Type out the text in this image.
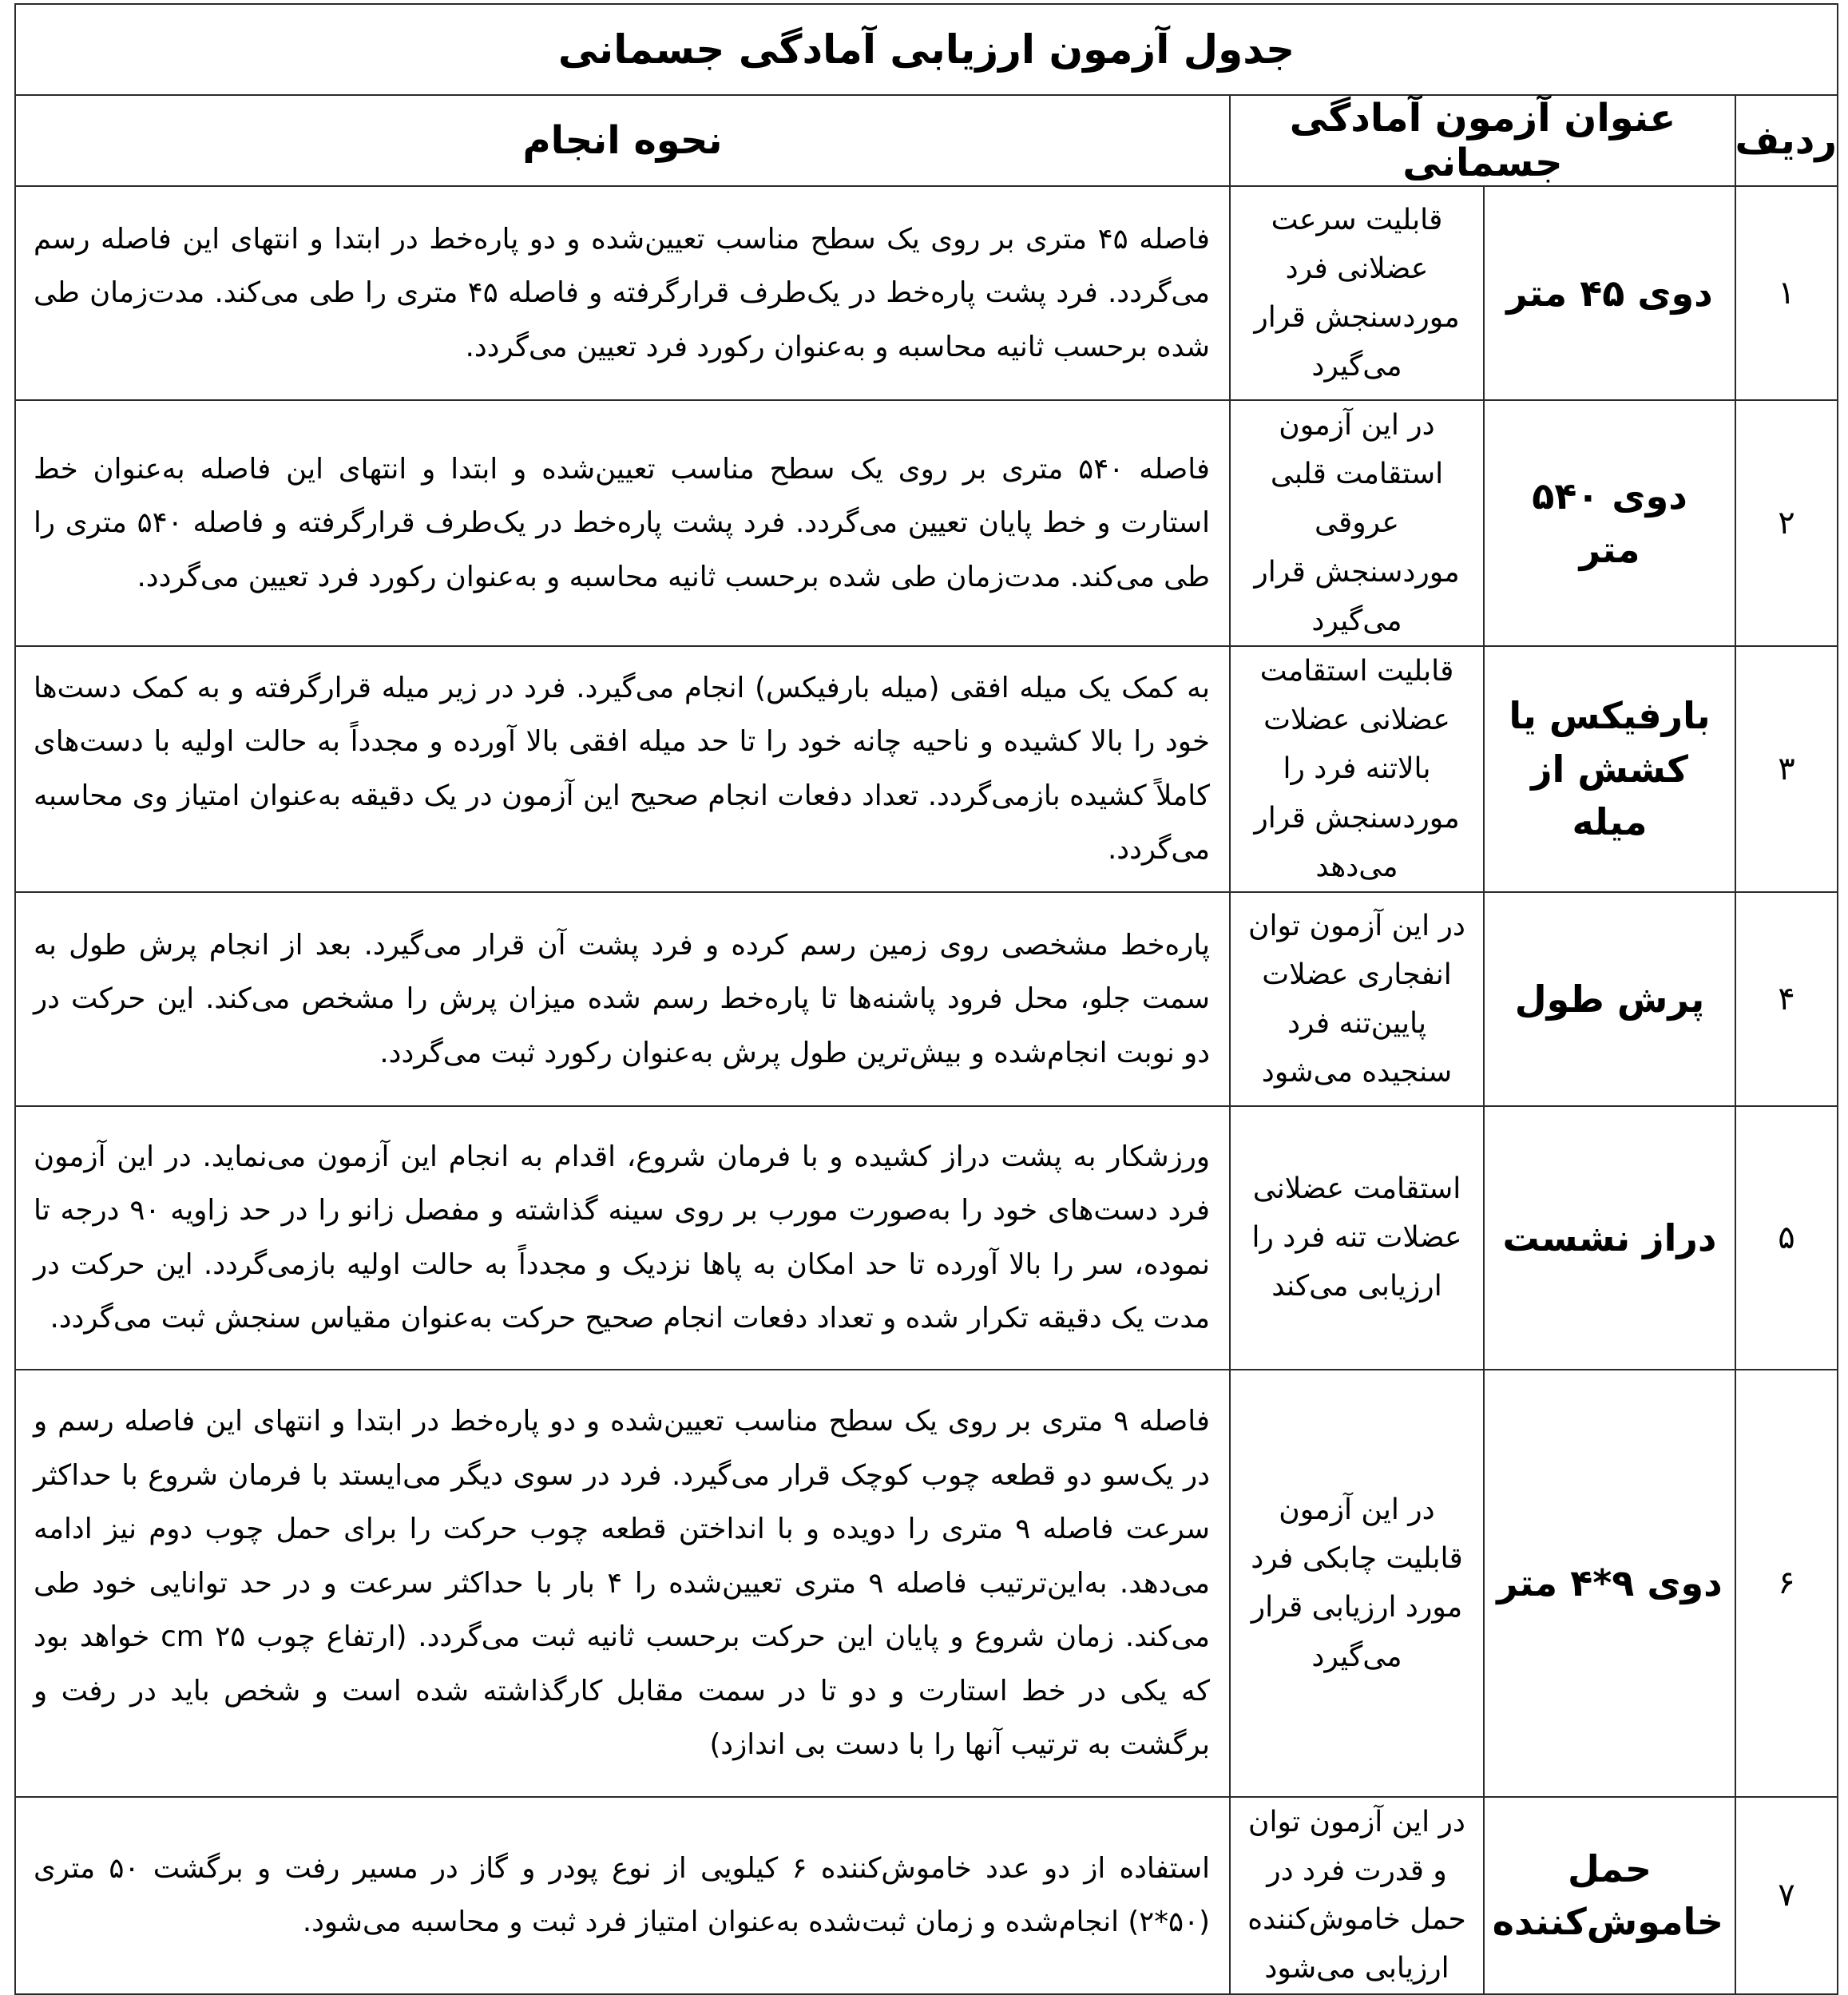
جدول آزمون ارزیابی آمادگی جسمانی			
ردیف	عنوان آزمون آمادگی جسمانی		نحوه انجام
۱	دوی ۴۵ متر	قابلیت سرعت عضلانی فرد موردسنجش قرار می‌گیرد	فاصله ۴۵ متری بر روی یک سطح مناسب تعیین‌شده و دو پاره‌خط در ابتدا و انتهای این فاصله رسم می‌گردد. فرد پشت پاره‌خط در یک‌طرف قرارگرفته و فاصله ۴۵ متری را طی می‌کند. مدت‌زمان طی شده برحسب ثانیه محاسبه و به‌عنوان رکورد فرد تعیین می‌گردد.
۲	دوی ۵۴۰ متر	در این آزمون استقامت قلبی عروقی موردسنجش قرار می‌گیرد	فاصله ۵۴۰ متری بر روی یک سطح مناسب تعیین‌شده و ابتدا و انتهای این فاصله به‌عنوان خط استارت و خط پایان تعیین می‌گردد. فرد پشت پاره‌خط در یک‌طرف قرارگرفته و فاصله ۵۴۰ متری را طی می‌کند. مدت‌زمان طی شده برحسب ثانیه محاسبه و به‌عنوان رکورد فرد تعیین می‌گردد.
۳	بارفیکس یا کشش از میله	قابلیت استقامت عضلانی عضلات بالاتنه فرد را موردسنجش قرار می‌دهد	به کمک یک میله افقی (میله بارفیکس) انجام می‌گیرد. فرد در زیر میله قرارگرفته و به کمک دست‌ها خود را بالا کشیده و ناحیه چانه خود را تا حد میله افقی بالا آورده و مجدداً به حالت اولیه با دست‌های کاملاً کشیده بازمی‌گردد. تعداد دفعات انجام صحیح این آزمون در یک دقیقه به‌عنوان امتیاز وی محاسبه می‌گردد.
۴	پرش طول	در این آزمون توان انفجاری عضلات پایین‌تنه فرد سنجیده می‌شود	پاره‌خط مشخصی روی زمین رسم کرده و فرد پشت آن قرار می‌گیرد. بعد از انجام پرش طول به سمت جلو، محل فرود پاشنه‌ها تا پاره‌خط رسم شده میزان پرش را مشخص می‌کند. این حرکت در دو نوبت انجام‌شده و بیش‌ترین طول پرش به‌عنوان رکورد ثبت می‌گردد.
۵	دراز نشست	استقامت عضلانی عضلات تنه فرد را ارزیابی می‌کند	ورزشکار به پشت دراز کشیده و با فرمان شروع، اقدام به انجام این آزمون می‌نماید. در این آزمون فرد دست‌های خود را به‌صورت مورب بر روی سینه گذاشته و مفصل زانو را در حد زاویه ۹۰ درجه تا نموده، سر را بالا آورده تا حد امکان به پاها نزدیک و مجدداً به حالت اولیه بازمی‌گردد. این حرکت در مدت یک دقیقه تکرار شده و تعداد دفعات انجام صحیح حرکت به‌عنوان مقیاس سنجش ثبت می‌گردد.
۶	دوی ۹*۴ متر	در این آزمون قابلیت چابکی فرد مورد ارزیابی قرار می‌گیرد	فاصله ۹ متری بر روی یک سطح مناسب تعیین‌شده و دو پاره‌خط در ابتدا و انتهای این فاصله رسم و در یک‌سو دو قطعه چوب کوچک قرار می‌گیرد. فرد در سوی دیگر می‌ایستد با فرمان شروع با حداکثر سرعت فاصله ۹ متری را دویده و با انداختن قطعه چوب حرکت را برای حمل چوب دوم نیز ادامه می‌دهد. به‌این‌ترتیب فاصله ۹ متری تعیین‌شده را ۴ بار با حداکثر سرعت و در حد توانایی خود طی می‌کند. زمان شروع و پایان این حرکت برحسب ثانیه ثبت می‌گردد. (ارتفاع چوب ۲۵ cm خواهد بود که یکی در خط استارت و دو تا در سمت مقابل کارگذاشته شده است و شخص باید در رفت و برگشت به ترتیب آنها را با دست بی اندازد)
۷	حمل خاموش‌کننده	در این آزمون توان و قدرت فرد در حمل خاموش‌کننده ارزیابی می‌شود	استفاده از دو عدد خاموش‌کننده ۶ کیلویی از نوع پودر و گاز در مسیر رفت و برگشت ۵۰ متری (۵۰*۲) انجام‌شده و زمان ثبت‌شده به‌عنوان امتیاز فرد ثبت و محاسبه می‌شود.
